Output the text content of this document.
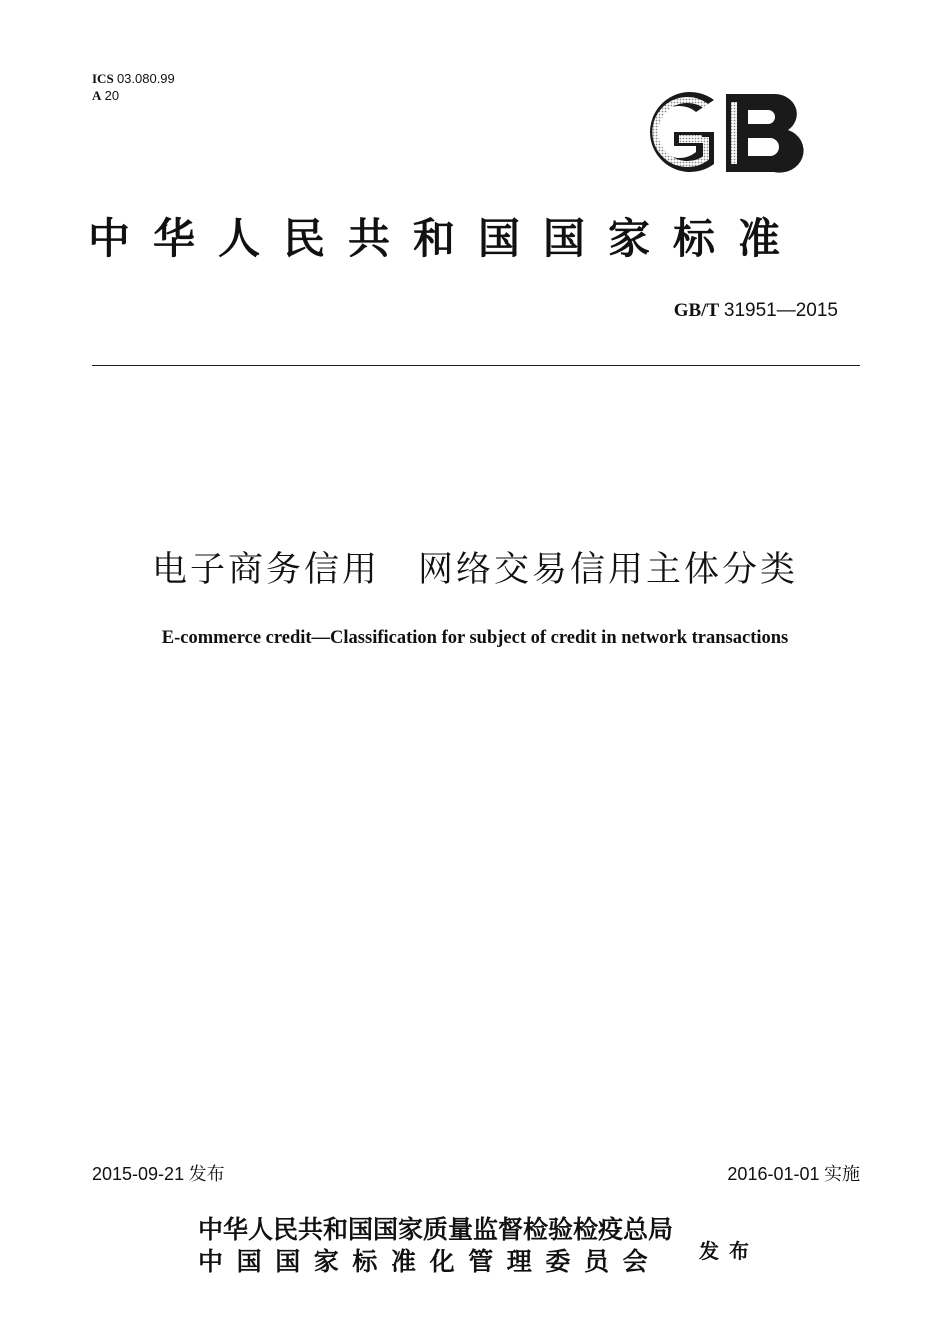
ICS 03.080.99
A 20
中华人民共和国国家标准
GB/T 31951—2015
电子商务信用　网络交易信用主体分类
E-commerce credit—Classification for subject of credit in network transactions
2015-09-21 发布	2016-01-01 实施
中华人民共和国国家质量监督检验检疫总局
中国国家标准化管理委员会	发布
